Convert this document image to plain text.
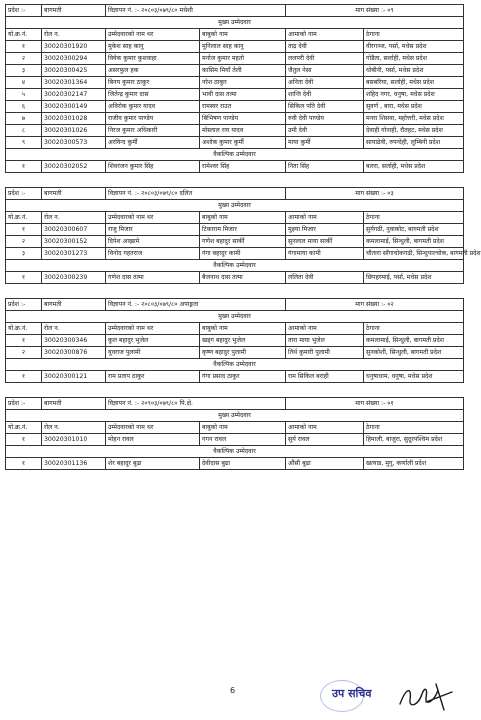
प्रदेश :-	बागमती	विज्ञापन नं. :- २०८०३/०७९/८० मधेशी		माग संख्या :- ०९	
मुख्य उम्मेदवार					
यो.क्र.नं.	रोल न.	उम्मेदवारको नाम थर	बाबुको नाम	आमाको नाम	ठेगाना
१	30020301920	मुकेश साह कानु	मुनिलाल साह कानु	ताद्र देवी	वीरगञ्ज, पर्सा, मधेस प्रदेश
२	30020300294	विवेक कुमार कुशवाहा	मनोज कुमार महतो	ललपरी देवी	गोडैता, सर्लाही, मधेस प्रदेश
३	30020300425	असरफुल हक	कासिम मियाँ तेली	जैतुल नेसा	धोबीनी, पर्सा, मधेस प्रदेश
४	30020301364	बिनय कुमार ठाकुर	नरेश ठाकुर	अनिता देवी	बसबरिया, सर्लाही, मधेस प्रदेश
५	30020302147	जितेन्द्र कुमार दास	भावी दास तत्मा	शान्ति देवी	शहिद नगर, धनुषा, मधेस प्रदेश
६	30020300149	अविरोक कुमार यादव	रामस्वर राउत	सिकिल पति देवी	सुवर्ण , बारा, मधेस प्रदेश
७	30020301028	राजीव कुमार पाण्डेय	बिभिषण पाण्डेय	रुवी देवी पाण्डेय	मनरा शिसवा, महोत्तरी, मधेस प्रदेश
८	30020301026	निरज कुमार अधिकारी	मोस्लाल राय यादव	उमी देवी	देवाही गोनाही, रौतहट, मधेस प्रदेश
९	30020300573	अरविन्द कुर्मी	अशोक कुमार कुर्मी	माया कुर्मी	सायाढेवी, रुपन्देही, लुम्बिनी प्रदेश
वैकल्पिक उम्मेदवार					
१	30020302052	शिवरंजन कुमार सिंह	रामेश्वर सिंह	निता सिंह	बलरा, सर्लाही, मधेस प्रदेश
प्रदेश :-	बागमती	विज्ञापन नं. :- २०८०३/०७९/८० दलित		माग संख्या :- ०३	
मुख्य उम्मेदवार					
यो.क्र.नं.	रोल न.	उम्मेदवारको नाम थर	बाबुको नाम	आमाको नाम	ठेगाना
१	30020300607	राजु मिजार	टिकाराम मिजार	मुइया मिजार	सुर्यगढी, नुवाकोट, बागमती प्रदेश
२	30020300152	दिपेश आख्रामे	गणेश बहादुर सार्की	सुनलाल माया सार्की	कमलामाई, सिन्धुली, बागमती प्रदेश
३	30020301273	विनोद गहतराज	गंगा बहादुर कामी	गंगामाया कामी	चौतारा साँगाचोकगढी, सिन्धुपाल्चोक, बागमती प्रदेश
वैकल्पिक उम्मेदवार					
१	30020300239	गणेश दास तत्मा	बैजनाथ दास तत्मा	ललिता देवी	छिपहरमाई, पर्सा, मधेस प्रदेश
प्रदेश :-	बागमती	विज्ञापन नं. :- २०८०३/०७९/८० अपाङ्गता		माग संख्या :- ०२	
मुख्य उम्मेदवार					
यो.क्र.नं.	रोल न.	उम्मेदवारको नाम थर	बाबुको नाम	आमाको नाम	ठेगाना
१	30020300346	कुल बहादुर भुजेल	खड्ग बहादुर भुजेल	तारा माया भुजेल	कमलामाई, सिन्धुली, बागमती प्रदेश
२	30020300876	युवराज पुलामी	कृष्ण बहादुर पुलामी	तिर्थ कुमारी पुलामी	सुनकोशी, सिन्धुली, बागमती प्रदेश
वैकल्पिक उम्मेदवार					
१	30020300121	राम प्रताप ठाकुर	गंगा प्रसाद ठाकुर	राम सिकिल बराही	धनुषाधाम, धनुषा, मधेस प्रदेश
प्रदेश :-	बागमती	विज्ञापन नं. :- २०९०३/०७९/८० पि.क्षे.		माग संख्या :- ०१	
मुख्य उम्मेदवार					
यो.क्र.नं.	रोल न.	उम्मेदवारको नाम थर	बाबुको नाम	आमाको नाम	ठेगाना
१	30020301010	मोहन रावल	गगन रावल	सुर्य रावल	हिमाली, बाजुरा, सुदूरपश्चिम प्रदेश
वैकल्पिक उम्मेदवार					
१	30020301136	शेर बहादुर बुढा	देवीदास बुढा	औंसी बुढा	खत्याड, मुगु, कर्णाली प्रदेश
6	उप सचिव
